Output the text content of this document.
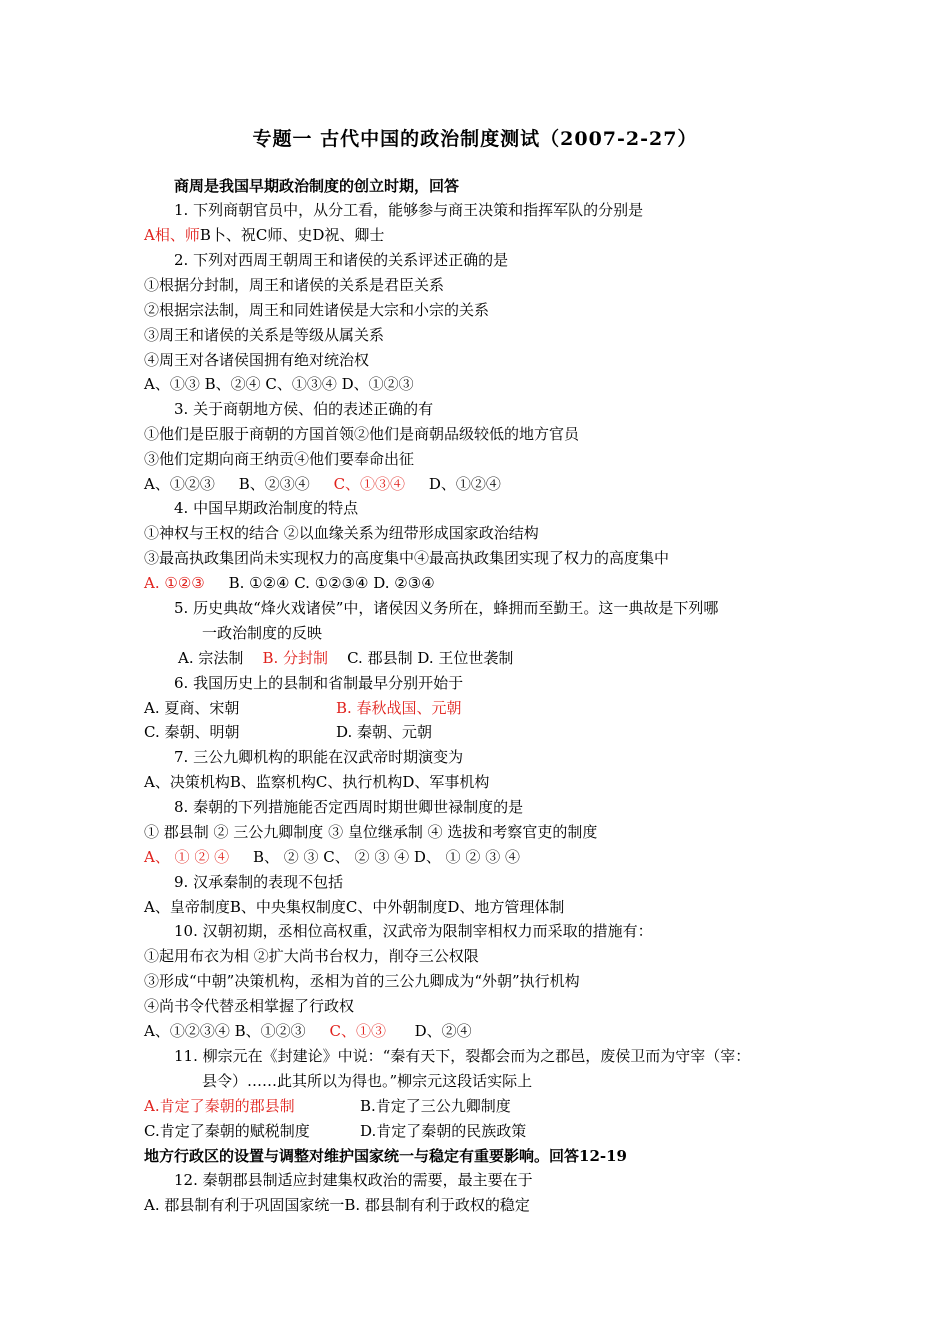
专题一 古代中国的政治制度测试（2007-2-27）
商周是我国早期政治制度的创立时期，回答
1. 下列商朝官员中，从分工看，能够参与商王决策和指挥军队的分别是
A相、师B卜、祝C师、史D祝、卿士
2. 下列对西周王朝周王和诸侯的关系评述正确的是
①根据分封制，周王和诸侯的关系是君臣关系
②根据宗法制，周王和同姓诸侯是大宗和小宗的关系
③周王和诸侯的关系是等级从属关系
④周王对各诸侯国拥有绝对统治权
A、①③ B、②④ C、①③④ D、①②③
3. 关于商朝地方侯、伯的表述正确的有
①他们是臣服于商朝的方国首领②他们是商朝品级较低的地方官员
③他们定期向商王纳贡④他们要奉命出征
A、①②③ B、②③④ C、①③④ D、①②④
4. 中国早期政治制度的特点
①神权与王权的结合 ②以血缘关系为纽带形成国家政治结构
③最高执政集团尚未实现权力的高度集中④最高执政集团实现了权力的高度集中
A. ①②③ B. ①②④ C. ①②③④ D. ②③④
5. 历史典故“烽火戏诸侯”中，诸侯因义务所在，蜂拥而至勤王。这一典故是下列哪
一政治制度的反映
A. 宗法制 B. 分封制 C. 郡县制 D. 王位世袭制
6. 我国历史上的县制和省制最早分别开始于
A. 夏商、宋朝	B. 春秋战国、元朝
C. 秦朝、明朝	D. 秦朝、元朝
7. 三公九卿机构的职能在汉武帝时期演变为
A、决策机构B、监察机构C、执行机构D、军事机构
8. 秦朝的下列措施能否定西周时期世卿世禄制度的是
① 郡县制 ② 三公九卿制度 ③ 皇位继承制 ④ 选拔和考察官吏的制度
A、 ① ② ④ B、 ② ③ C、 ② ③ ④ D、 ① ② ③ ④
9. 汉承秦制的表现不包括
A、皇帝制度B、中央集权制度C、中外朝制度D、地方管理体制
10. 汉朝初期，丞相位高权重，汉武帝为限制宰相权力而采取的措施有：
①起用布衣为相 ②扩大尚书台权力，削夺三公权限
③形成“中朝”决策机构，丞相为首的三公九卿成为“外朝”执行机构
④尚书令代替丞相掌握了行政权
A、①②③④ B、①②③ C、①③ D、②④
11. 柳宗元在《封建论》中说：“秦有天下，裂都会而为之郡邑，废侯卫而为守宰（宰：
县令）……此其所以为得也。”柳宗元这段话实际上
A.肯定了秦朝的郡县制	B.肯定了三公九卿制度
C.肯定了秦朝的赋税制度	D.肯定了秦朝的民族政策
地方行政区的设置与调整对维护国家统一与稳定有重要影响。回答12-19
12. 秦朝郡县制适应封建集权政治的需要，最主要在于
A. 郡县制有利于巩固国家统一B. 郡县制有利于政权的稳定
